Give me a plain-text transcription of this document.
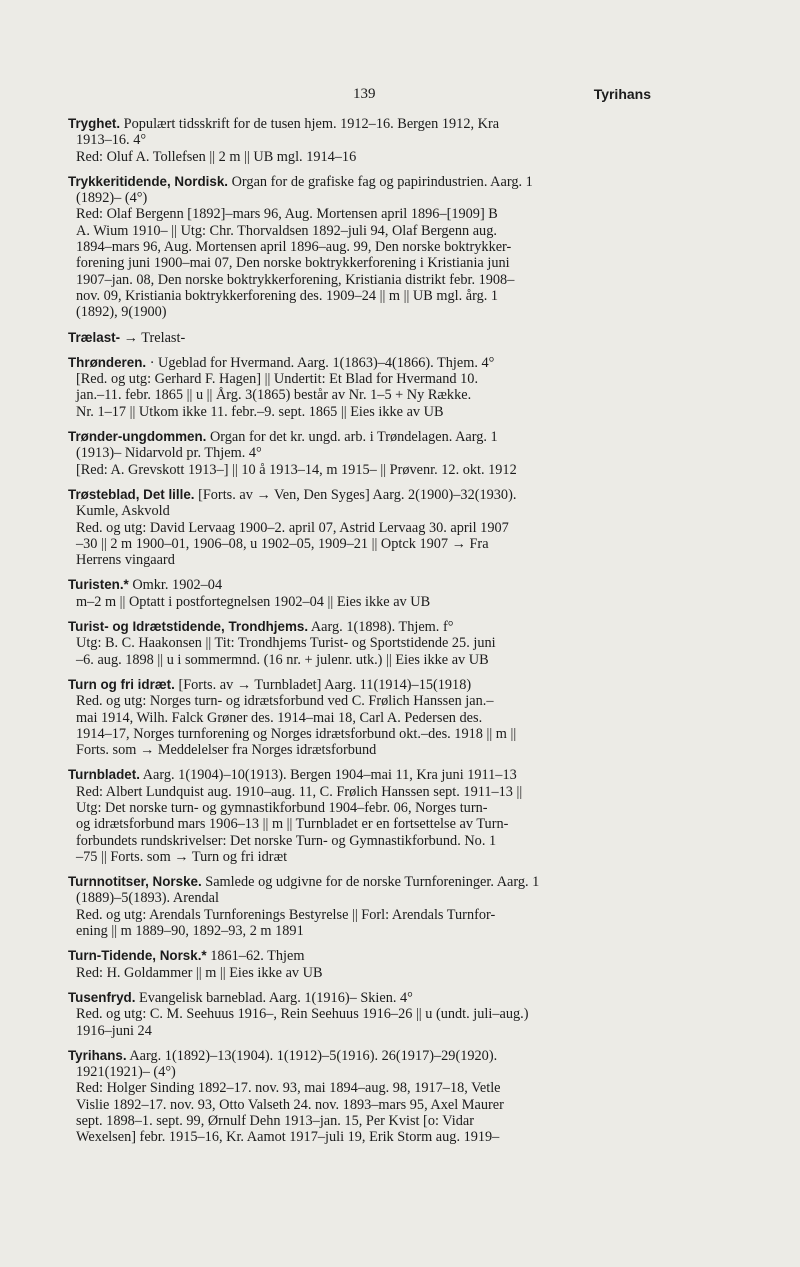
139	Tyrihans
Tryghet. Populært tidsskrift for de tusen hjem. 1912–16. Bergen 1912, Kra
1913–16. 4°
Red: Oluf A. Tollefsen || 2 m || UB mgl. 1914–16
Trykkeritidende, Nordisk. Organ for de grafiske fag og papirindustrien. Aarg. 1
(1892)– (4°)
Red: Olaf Bergenn [1892]–mars 96, Aug. Mortensen april 1896–[1909] B
A. Wium 1910– || Utg: Chr. Thorvaldsen 1892–juli 94, Olaf Bergenn aug.
1894–mars 96, Aug. Mortensen april 1896–aug. 99, Den norske boktrykker-
forening juni 1900–mai 07, Den norske boktrykkerforening i Kristiania juni
1907–jan. 08, Den norske boktrykkerforening, Kristiania distrikt febr. 1908–
nov. 09, Kristiania boktrykkerforening des. 1909–24 || m || UB mgl. årg. 1
(1892), 9(1900)
Trælast- → Trelast-
Thrønderen. · Ugeblad for Hvermand. Aarg. 1(1863)–4(1866). Thjem. 4°
[Red. og utg: Gerhard F. Hagen] || Undertit: Et Blad for Hvermand 10.
jan.–11. febr. 1865 || u || Årg. 3(1865) består av Nr. 1–5 + Ny Række.
Nr. 1–17 || Utkom ikke 11. febr.–9. sept. 1865 || Eies ikke av UB
Trønder-ungdommen. Organ for det kr. ungd. arb. i Trøndelagen. Aarg. 1
(1913)– Nidarvold pr. Thjem. 4°
[Red: A. Grevskott 1913–] || 10 å 1913–14, m 1915– || Prøvenr. 12. okt. 1912
Trøsteblad, Det lille. [Forts. av → Ven, Den Syges] Aarg. 2(1900)–32(1930).
Kumle, Askvold
Red. og utg: David Lervaag 1900–2. april 07, Astrid Lervaag 30. april 1907
–30 || 2 m 1900–01, 1906–08, u 1902–05, 1909–21 || Optck 1907 → Fra
Herrens vingaard
Turisten.* Omkr. 1902–04
m–2 m || Optatt i postfortegnelsen 1902–04 || Eies ikke av UB
Turist- og Idrætstidende, Trondhjems. Aarg. 1(1898). Thjem. f°
Utg: B. C. Haakonsen || Tit: Trondhjems Turist- og Sportstidende 25. juni
–6. aug. 1898 || u i sommermnd. (16 nr. + julenr. utk.) || Eies ikke av UB
Turn og fri idræt. [Forts. av → Turnbladet] Aarg. 11(1914)–15(1918)
Red. og utg: Norges turn- og idrætsforbund ved C. Frølich Hanssen jan.–
mai 1914, Wilh. Falck Grøner des. 1914–mai 18, Carl A. Pedersen des.
1914–17, Norges turnforening og Norges idrætsforbund okt.–des. 1918 || m ||
Forts. som → Meddelelser fra Norges idrætsforbund
Turnbladet. Aarg. 1(1904)–10(1913). Bergen 1904–mai 11, Kra juni 1911–13
Red: Albert Lundquist aug. 1910–aug. 11, C. Frølich Hanssen sept. 1911–13 ||
Utg: Det norske turn- og gymnastikforbund 1904–febr. 06, Norges turn-
og idrætsforbund mars 1906–13 || m || Turnbladet er en fortsettelse av Turn-
forbundets rundskrivelser: Det norske Turn- og Gymnastikforbund. No. 1
–75 || Forts. som → Turn og fri idræt
Turnnotitser, Norske. Samlede og udgivne for de norske Turnforeninger. Aarg. 1
(1889)–5(1893). Arendal
Red. og utg: Arendals Turnforenings Bestyrelse || Forl: Arendals Turnfor-
ening || m 1889–90, 1892–93, 2 m 1891
Turn-Tidende, Norsk.* 1861–62. Thjem
Red: H. Goldammer || m || Eies ikke av UB
Tusenfryd. Evangelisk barneblad. Aarg. 1(1916)– Skien. 4°
Red. og utg: C. M. Seehuus 1916–, Rein Seehuus 1916–26 || u (undt. juli–aug.)
1916–juni 24
Tyrihans. Aarg. 1(1892)–13(1904). 1(1912)–5(1916). 26(1917)–29(1920).
1921(1921)– (4°)
Red: Holger Sinding 1892–17. nov. 93, mai 1894–aug. 98, 1917–18, Vetle
Vislie 1892–17. nov. 93, Otto Valseth 24. nov. 1893–mars 95, Axel Maurer
sept. 1898–1. sept. 99, Ørnulf Dehn 1913–jan. 15, Per Kvist [o: Vidar
Wexelsen] febr. 1915–16, Kr. Aamot 1917–juli 19, Erik Storm aug. 1919–
